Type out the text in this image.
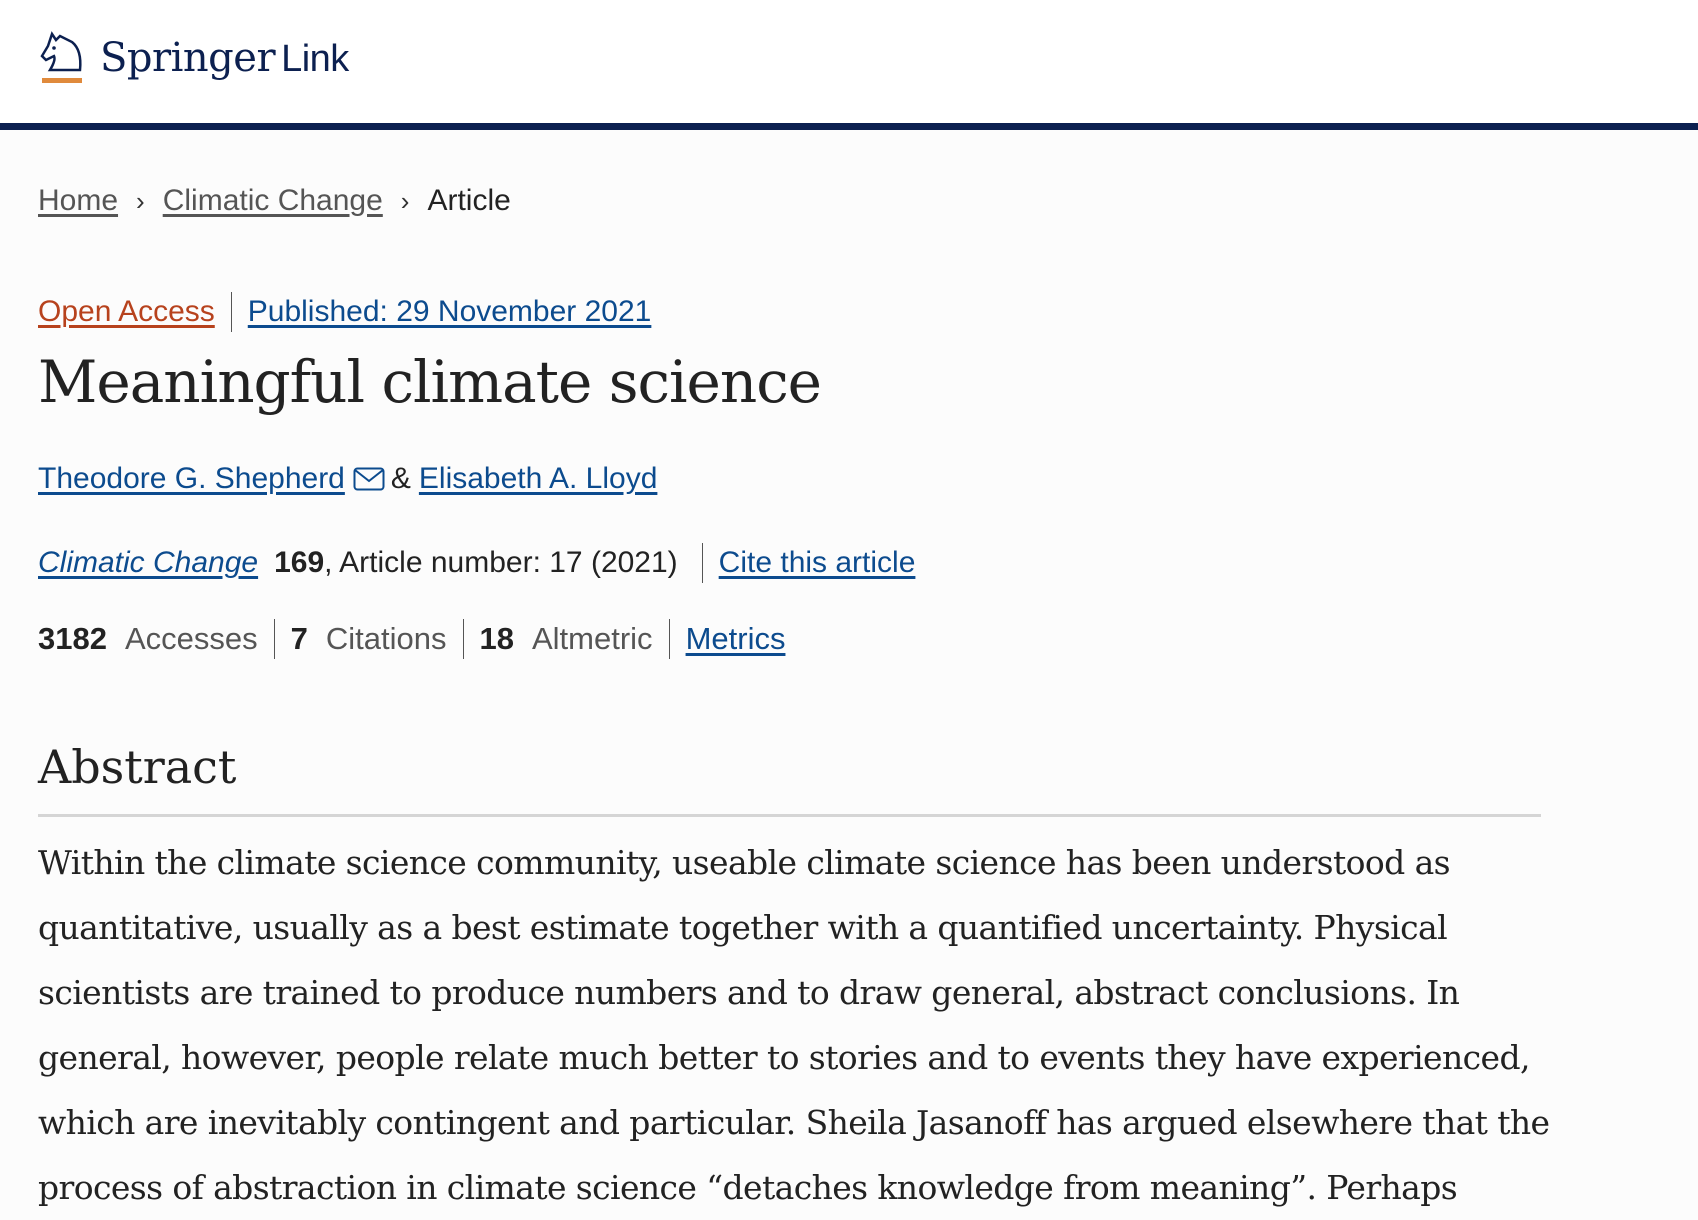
Springer Link
Home › Climatic Change › Article
Open Access Published: 29 November 2021
Meaningful climate science
Theodore G. Shepherd & Elisabeth A. Lloyd
Climatic Change 169 , Article number: 17 (2021) Cite this article
3182 Accesses 7 Citations 18 Altmetric Metrics
Abstract

Within the climate science community, useable climate science has been understood as quantitative, usually as a best estimate together with a quantified uncertainty. Physical scientists are trained to produce numbers and to draw general, abstract conclusions. In general, however, people relate much better to stories and to events they have experienced, which are inevitably contingent and particular. Sheila Jasanoff has argued elsewhere that the process of abstraction in climate science “detaches knowledge from meaning”. Perhaps
